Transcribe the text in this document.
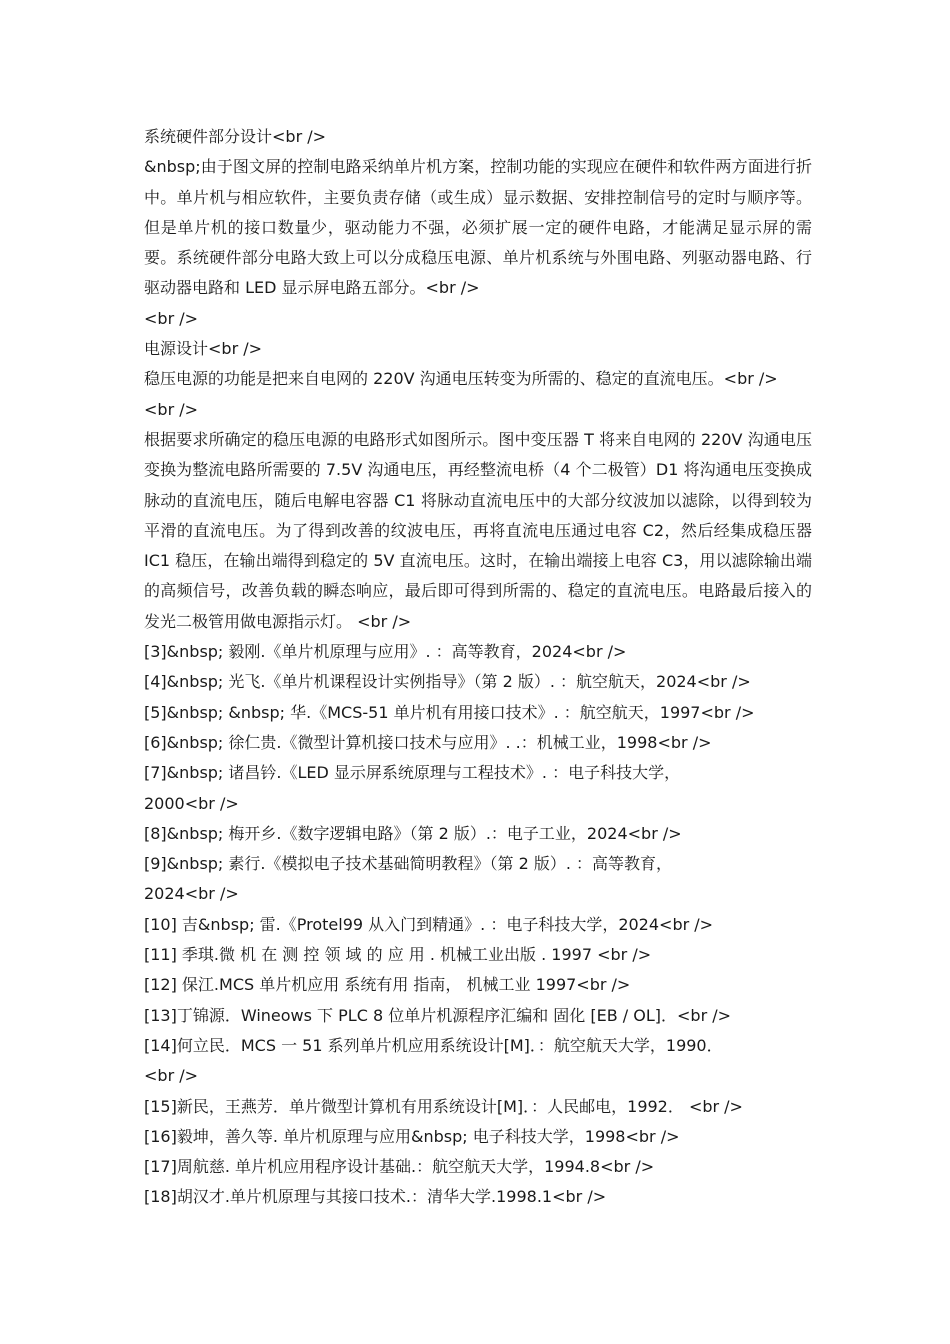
系统硬件部分设计<br />
&nbsp;由于图文屏的控制电路采纳单片机方案，控制功能的实现应在硬件和软件两方面进行折中。单片机与相应软件，主要负责存储（或生成）显示数据、安排控制信号的定时与顺序等。但是单片机的接口数量少，驱动能力不强，必须扩展一定的硬件电路，才能满足显示屏的需要。系统硬件部分电路大致上可以分成稳压电源、单片机系统与外围电路、列驱动器电路、行驱动器电路和 LED 显示屏电路五部分。<br />
<br />
电源设计<br />
稳压电源的功能是把来自电网的 220V 沟通电压转变为所需的、稳定的直流电压。<br />
<br />
根据要求所确定的稳压电源的电路形式如图所示。图中变压器 T 将来自电网的 220V 沟通电压变换为整流电路所需要的 7.5V 沟通电压，再经整流电桥（4 个二极管）D1 将沟通电压变换成脉动的直流电压，随后电解电容器 C1 将脉动直流电压中的大部分纹波加以滤除，以得到较为平滑的直流电压。为了得到改善的纹波电压，再将直流电压通过电容 C2，然后经集成稳压器 IC1 稳压，在输出端得到稳定的 5V 直流电压。这时，在输出端接上电容 C3，用以滤除输出端的高频信号，改善负载的瞬态响应，最后即可得到所需的、稳定的直流电压。电路最后接入的发光二极管用做电源指示灯。 <br />
[3]&nbsp; 毅刚.《单片机原理与应用》. ：高等教育，2024<br />
[4]&nbsp; 光飞.《单片机课程设计实例指导》（第 2 版）. ：航空航天，2024<br />
[5]&nbsp; &nbsp; 华.《MCS-51 单片机有用接口技术》. ：航空航天，1997<br />
[6]&nbsp; 徐仁贵.《微型计算机接口技术与应用》. .：机械工业，1998<br />
[7]&nbsp; 诸昌钤.《LED 显示屏系统原理与工程技术》. ：电子科技大学，
2000<br />
[8]&nbsp; 梅开乡.《数字逻辑电路》（第 2 版）.：电子工业，2024<br />
[9]&nbsp; 素行.《模拟电子技术基础简明教程》（第 2 版）. ：高等教育，
2024<br />
[10] 吉&nbsp; 雷.《Protel99 从入门到精通》. ：电子科技大学，2024<br />
[11] 季琪.微 机 在 测 控 领 域 的 应 用 . 机械工业出版 . 1997 <br />
[12] 保江.MCS 单片机应用 系统有用 指南， 机械工业 1997<br />
[13]丁锦源．Wineows 下 PLC 8 位单片机源程序汇编和 固化 [EB / OL]．<br />
[14]何立民．MCS 一 51 系列单片机应用系统设计[M]．：航空航天大学，1990．
<br />
[15]新民，王燕芳．单片微型计算机有用系统设计[M]．：人民邮电，1992． <br />
[16]毅坤，善久等. 单片机原理与应用&nbsp; 电子科技大学，1998<br />
[17]周航慈. 单片机应用程序设计基础.：航空航天大学，1994.8<br />
[18]胡汉才.单片机原理与其接口技术.：清华大学.1998.1<br />
